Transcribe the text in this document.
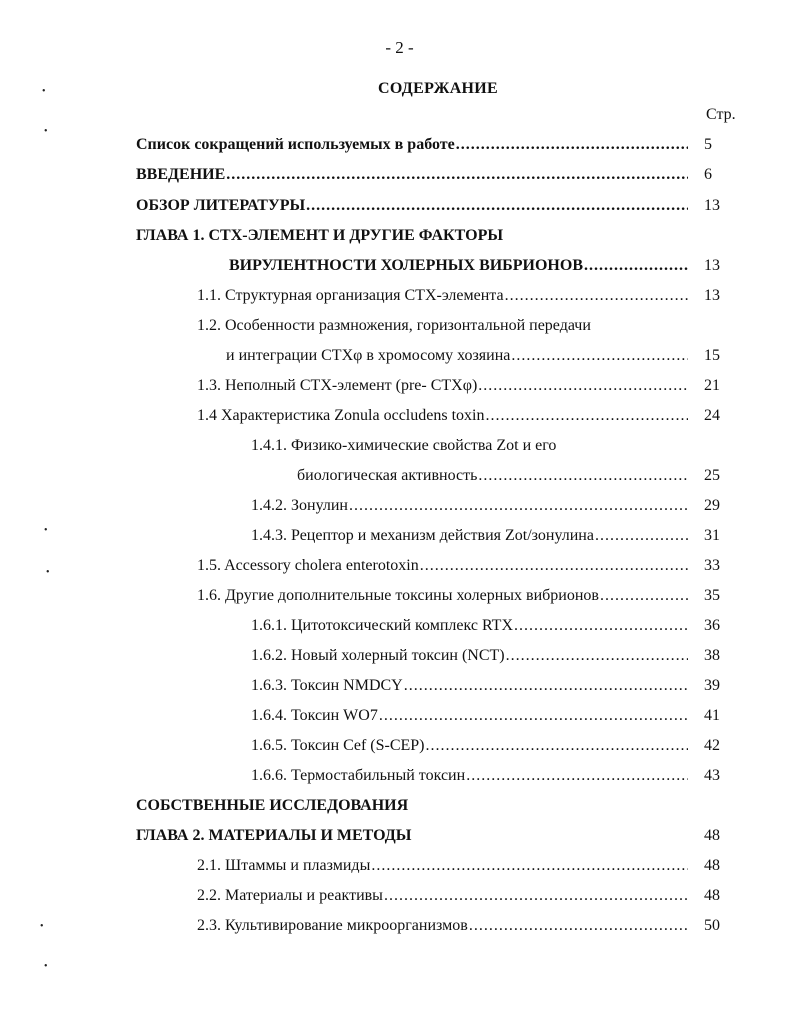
- 2 -
СОДЕРЖАНИЕ
Стр.
Список сокращений используемых в работе .....	5
ВВЕДЕНИЕ .....	6
ОБЗОР ЛИТЕРАТУРЫ .....	13
ГЛАВА 1. СТХ-ЭЛЕМЕНТ И ДРУГИЕ ФАКТОРЫ
ВИРУЛЕНТНОСТИ ХОЛЕРНЫХ ВИБРИОНОВ .....	13
1.1. Структурная организация СТХ-элемента .....	13
1.2. Особенности размножения, горизонтальной передачи
и интеграции СТХφ в хромосому хозяина .....	15
1.3. Неполный СТХ-элемент (pre- СТХφ) .....	21
1.4 Характеристика Zonula occludens toxin .....	24
1.4.1. Физико-химические свойства Zot и его
биологическая активность .....	25
1.4.2. Зонулин .....	29
1.4.3. Рецептор и механизм действия Zot/зонулина .....	31
1.5. Accessory cholera enterotoxin .....	33
1.6. Другие дополнительные токсины холерных вибрионов .....	35
1.6.1. Цитотоксический комплекс RTX .....	36
1.6.2. Новый холерный токсин (NCT) .....	38
1.6.3. Токсин NMDCY .....	39
1.6.4. Токсин WO7 .....	41
1.6.5. Токсин Cef (S-CEP) .....	42
1.6.6. Термостабильный токсин .....	43
СОБСТВЕННЫЕ ИССЛЕДОВАНИЯ
ГЛАВА 2. МАТЕРИАЛЫ И МЕТОДЫ	48
2.1. Штаммы и плазмиды .....	48
2.2. Материалы и реактивы .....	48
2.3. Культивирование микроорганизмов .....	50
•
•
•
•
•
•
